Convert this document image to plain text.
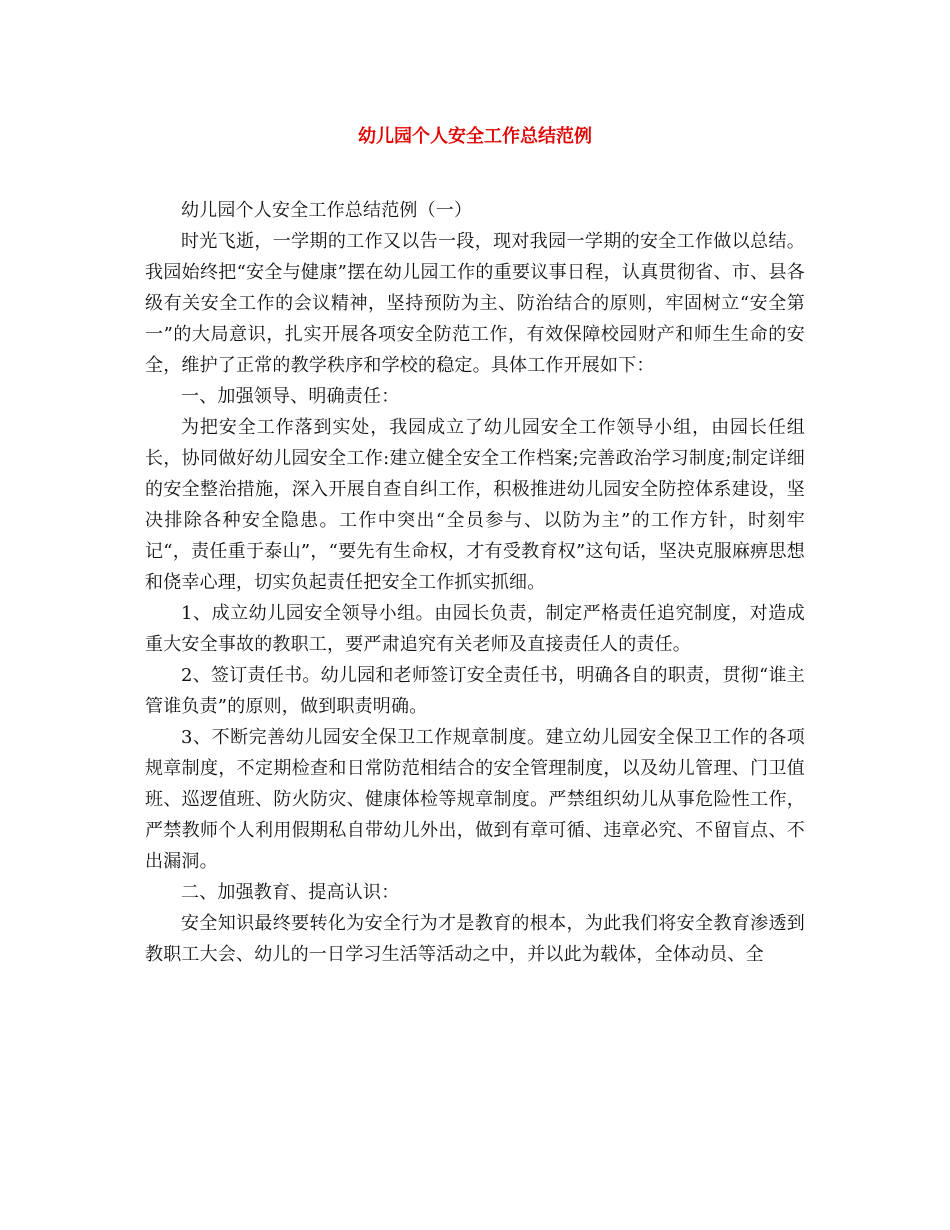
幼儿园个人安全工作总结范例

幼儿园个人安全工作总结范例（一）

时光飞逝，一学期的工作又以告一段，现对我园一学期的安全工作做以总结。我园始终把“安全与健康”摆在幼儿园工作的重要议事日程，认真贯彻省、市、县各级有关安全工作的会议精神，坚持预防为主、防治结合的原则，牢固树立“安全第一”的大局意识，扎实开展各项安全防范工作，有效保障校园财产和师生生命的安全，维护了正常的教学秩序和学校的稳定。具体工作开展如下：

一、加强领导、明确责任：

为把安全工作落到实处，我园成立了幼儿园安全工作领导小组，由园长任组长，协同做好幼儿园安全工作:建立健全安全工作档案;完善政治学习制度;制定详细的安全整治措施，深入开展自查自纠工作，积极推进幼儿园安全防控体系建设，坚决排除各种安全隐患。工作中突出“全员参与、以防为主”的工作方针，时刻牢记“，责任重于泰山”，“要先有生命权，才有受教育权”这句话，坚决克服麻痹思想和侥幸心理，切实负起责任把安全工作抓实抓细。

1、成立幼儿园安全领导小组。由园长负责，制定严格责任追究制度，对造成重大安全事故的教职工，要严肃追究有关老师及直接责任人的责任。

2、签订责任书。幼儿园和老师签订安全责任书，明确各自的职责，贯彻“谁主管谁负责”的原则，做到职责明确。

3、不断完善幼儿园安全保卫工作规章制度。建立幼儿园安全保卫工作的各项规章制度，不定期检查和日常防范相结合的安全管理制度，以及幼儿管理、门卫值班、巡逻值班、防火防灾、健康体检等规章制度。严禁组织幼儿从事危险性工作，严禁教师个人利用假期私自带幼儿外出，做到有章可循、违章必究、不留盲点、不出漏洞。

二、加强教育、提高认识：

安全知识最终要转化为安全行为才是教育的根本，为此我们将安全教育渗透到教职工大会、幼儿的一日学习生活等活动之中，并以此为载体，全体动员、全
